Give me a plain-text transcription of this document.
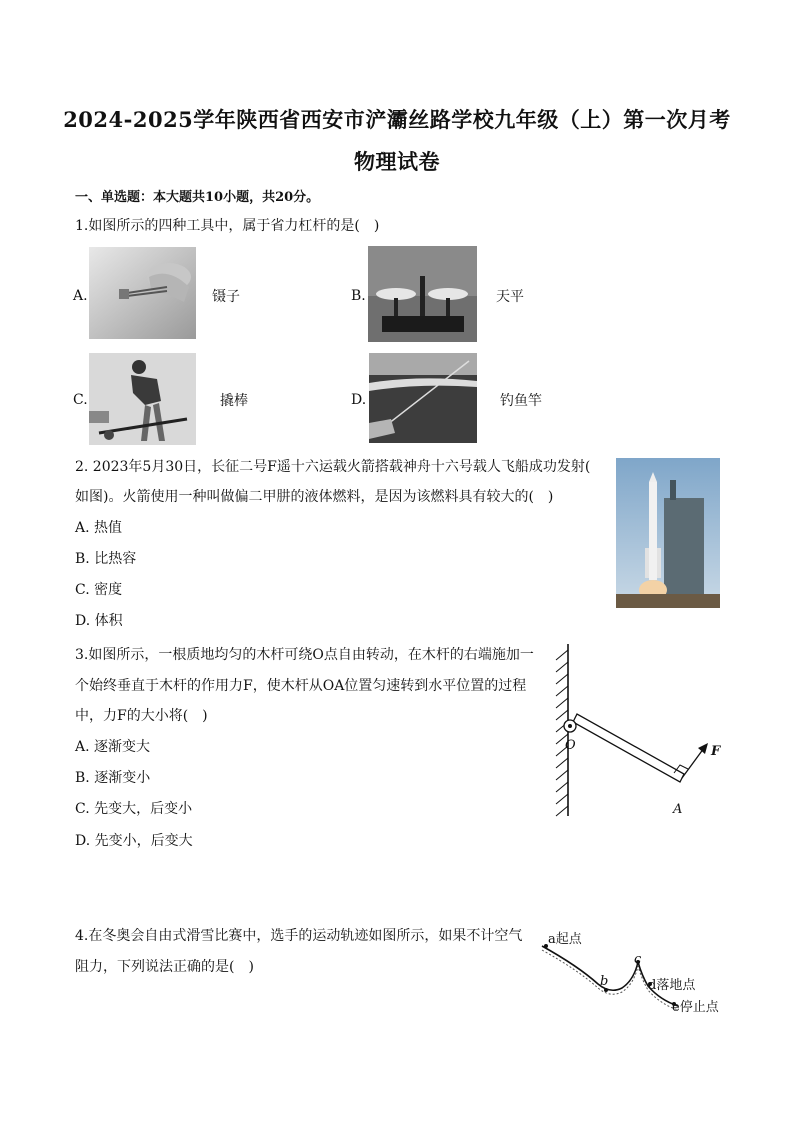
2024-2025学年陕西省西安市浐灞丝路学校九年级（上）第一次月考
物理试卷
一、单选题：本大题共10小题，共20分。
1.如图所示的四种工具中，属于省力杠杆的是(　)
A.	镊子	B.	天平
C.	撬棒	D.	钓鱼竿
2. 2023年5月30日，长征二号F遥十六运载火箭搭载神舟十六号载人飞船成功发射(
如图)。火箭使用一种叫做偏二甲肼的液体燃料，是因为该燃料具有较大的(　)
A. 热值
B. 比热容
C. 密度
D. 体积
3.如图所示，一根质地均匀的木杆可绕O点自由转动，在木杆的右端施加一
个始终垂直于木杆的作用力F，使木杆从OA位置匀速转到水平位置的过程
中，力F的大小将(　)
A. 逐渐变大
B. 逐渐变小
C. 先变大，后变小
D. 先变小，后变大
O
A
F
4.在冬奥会自由式滑雪比赛中，选手的运动轨迹如图所示，如果不计空气
阻力，下列说法正确的是(　)
a起点
b
c
d落地点
e停止点
